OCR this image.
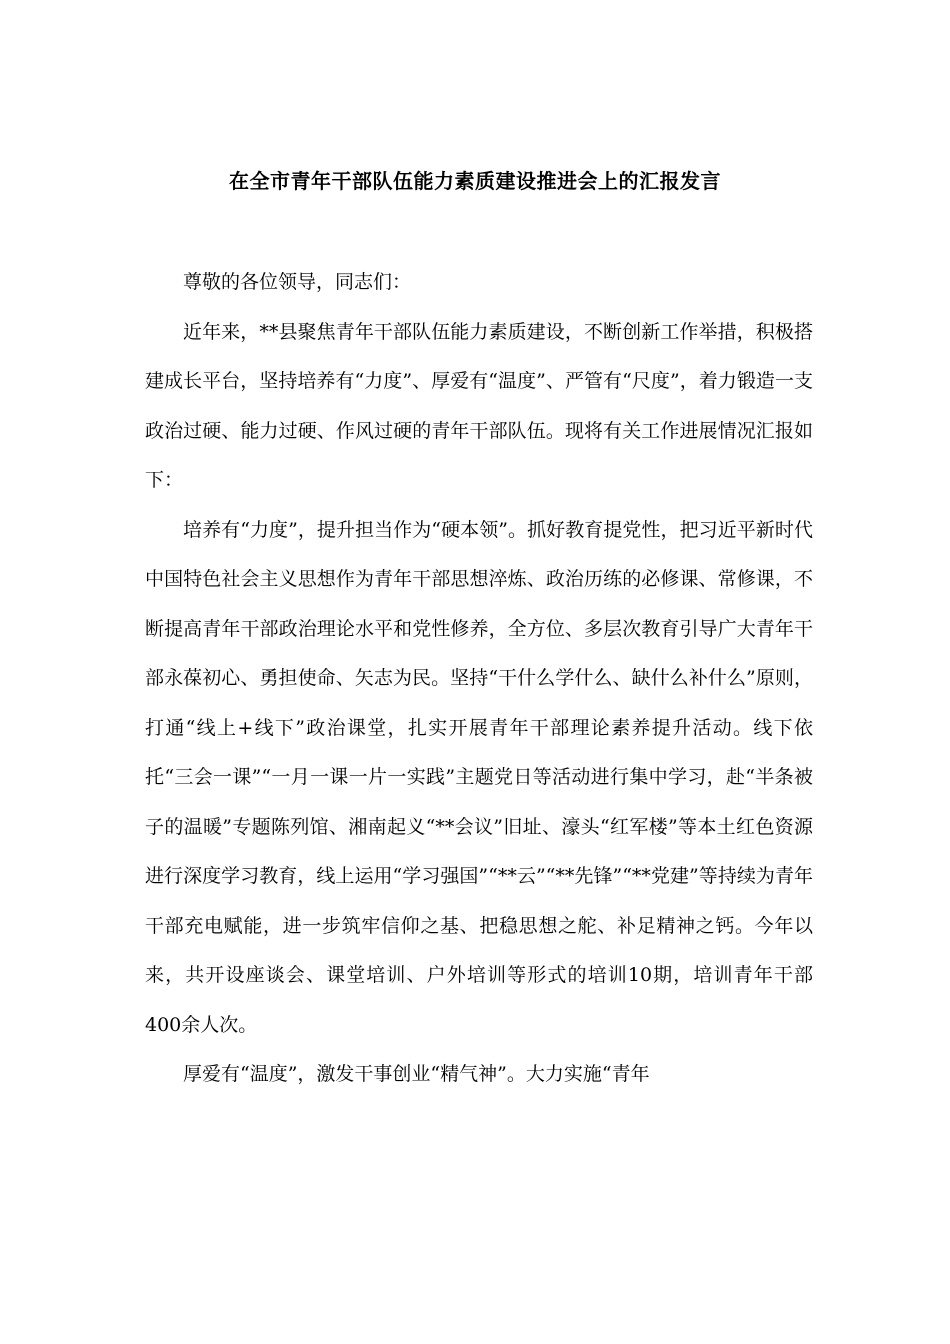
在全市青年干部队伍能力素质建设推进会上的汇报发言

尊敬的各位领导，同志们：

近年来，**县聚焦青年干部队伍能力素质建设，不断创新工作举措，积极搭建成长平台，坚持培养有“力度”、厚爱有“温度”、严管有“尺度”，着力锻造一支政治过硬、能力过硬、作风过硬的青年干部队伍。现将有关工作进展情况汇报如下：

培养有“力度”，提升担当作为“硬本领”。抓好教育提党性，把习近平新时代中国特色社会主义思想作为青年干部思想淬炼、政治历练的必修课、常修课，不断提高青年干部政治理论水平和党性修养，全方位、多层次教育引导广大青年干部永葆初心、勇担使命、矢志为民。坚持“干什么学什么、缺什么补什么”原则，打通“线上+线下”政治课堂，扎实开展青年干部理论素养提升活动。线下依托“三会一课”“一月一课一片一实践”主题党日等活动进行集中学习，赴“半条被子的温暖”专题陈列馆、湘南起义“**会议”旧址、濠头“红军楼”等本土红色资源进行深度学习教育，线上运用“学习强国”“**云”“**先锋”“**党建”等持续为青年干部充电赋能，进一步筑牢信仰之基、把稳思想之舵、补足精神之钙。今年以来，共开设座谈会、课堂培训、户外培训等形式的培训10期，培训青年干部400余人次。

厚爱有“温度”，激发干事创业“精气神”。大力实施“青年
